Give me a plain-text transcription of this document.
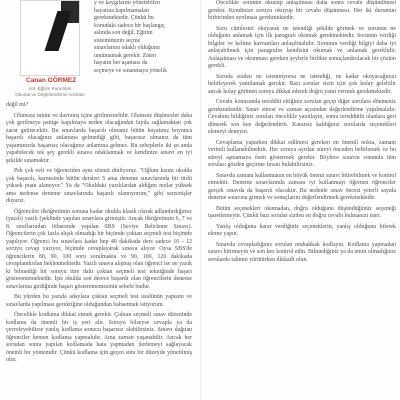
Canan GÖRMEZ
Anl. Eğitim Kurumları
Okuma ve Değerlendirme Uzmanı
y ve kaygılarını yönetebilen
hayatına kapılmamaları
gerekmektedir. Çünkü bu
konudaki sadece bir başlangıç
aslında son değil. Eğitim
sistemimizin seçme
sınavlarına odaklı olduğunu
unutmamak gerekir. Zaten
hayatın her aşaması da
seçmeye ve sınanmaya yönelik

değil mi?

Olumsuz tutum ve davranış içine girilmemelidir. Olumsuz düşünceler daha çok gerilmeye panige kapılmaya neden olacağından fayda sağlamaktan çok zarar getirecektir. Bu sınavlarda başarılı olmanız bütün hayatınız boyunca başarılı olacağınız anlamına gelmediği gibi, başarısız olmanız da tüm yaşamınızda başarısız olacağınız anlamına gelmez. Bu sebeplerle iki şu anda yapabilecek tek şey gerekli sınava odaklanmak ve kendinize sınavı en iyi şekilde sınamaktır.

Pek çok veli ve öğrenciden aynı sözmü dinliyoruz. "Oğlum kızım okulda çok başarılı, karnesinde bütün dersleri 5 ama deneme sınavlarında bir türlü yüksek puan alamıyor." Ya da "Okuldaki yazılılardan aldığım notlar yüksek ama nedense deneme sınavlarında başarılı olamıyorum," gibi serzenişler duyarız.

Öğrenciler ilköğretimin sonuna kadar okulda klasik olarak adlandırdığımız (yazılı) yazılı (şeklinde yapılan sınavlara girmiştir. Ancak ilköğretimin 6, 7 ve 8. sınıflarından itibarende yapılan SBS (Seviye Belirleme Sınavı). Öğrencilerin çok fazla alışık olmadığı bir biçimde çoktan seçmeli test biçimde yapılıyor. Öğrenci bu sınavlara kadar hep 40 dakikada ders sadece 10 - 12 soruyu cevap yazıyor, biçimde cevaplayarak sınava alıyor. Oysa SBS'de öğrencilerin 80, 90, 100 soru sorulmakta ve 90, 100, 120 dakikada cevaplandırılan beklenmektedir. Yazılı sınava alışmış olan öğrenci ise ne yazık ki bilmediği bir soruyu türe dahi çoktan seçmeli test tekniğinde başarı gösterememektedir. İşte okulda son derece başarılı olan öğrencilerin deneme sınavlarına girdiğinde başarı gösterememesinin sebebi budur.

Bu yüzden bu yazıda adaylara çoktan seçmeli test usulünün yapısını ve sınavlarda yapılması gerektiğine olduğundan bahsetmek istiyorum.

Öncelikle kodlama dikkat etmek gerekir. Çoktan seçmeli sınav düzeninde kodlama da önemli bir iş yeri alır. Soruyu bilseyse cevapla ya da çevreleyebilirse yanlış kodlama sonucu başarısız olabilirsiniz. Sınavı dağıtan öğrenciler hemen kodlama yapmalıdır. Ama zaman yaşanabilir. Ancak her sorudan sonra yapılan kodlamada hata yapmadan ilerlemeyi sağlayacak önemli bir yöntemdir. Çünkü kodlama için geçen süre bir düzeyde yönetilmiş olur.

Öncelikle sorunun okunup anlaşılması daha sonra cevabı düşünülmesi gerekir. Kendinize soruyu okuyup bir cevabı düşünmesi. Her iki durumun birbirinden ayrılması gerekmektedir.

Soru cümlesini okuyarak ne istendiği şekilde görmek ve sorunun ne olduğunu anlamak için ilk paragrafı okumak gerekmektedir. Sorunun verdiği bilgiler ve kelime kavramları anlaşılmalıdır. Sorunun verdiği bilgiyi daha iyi anlayabilmek için paragrafın kendisini okumak ve anlamak gereklidir. Anlaşılması ve okunması gereken şeylerle birlikte sonuçlandırılacak bir çözüm gerekli.

Soruda sizden ne istenmiyorsa ne istendiği, ne kadar okuyacağınızı belirleyerek yanıtlamak gerekir. Bazı sorular sizin için çok kolay gelebilir ancak kolay görünen soruya dikkat ederek doğru yanıt vermek gerekmektedir.

Cevabı konusunda tereddüt ettiğiniz sorulan geçip diğer sorulara dönmeniz gerekmektedir. Sınav süresi ve zaman açısından değerlendirme yapılmalıdır. Cevabını bildiğiniz soruları öncelikle yanıtlayın, sonra tereddütlü olanlara geri dönerek son kez değerlendirin. Kararsız kaldığınız sorularda seçenekleri elemeyi deneyin.

Cevaplama yaparken dikkat edilmesi gereken en önemli nokta, zamanı verimli kullanabilmektir. Her soruya ayrılan süreyi önceden belirlemek ve bu süreyi aşmamaya özen göstermek gerekir. Böylece sınavın sonunda tüm soruları gözden geçirme fırsatı bulabilirsiniz.

Sınavda zamanı kullanmanın en büyük önemi sınavı bitirebilmek ve kontrol etmektir. Deneme sınavlarında zamanı iyi kullanmayı öğrenen öğrenciler gerçek sınavda da başarılı olacaktır. Bu nedenle sınav öncesi yeterli sayıda deneme sınavına girmek ve sonuçlarını değerlendirmek gerekmektedir.

Bütün seçenekleri okumadan, doğru olduğunu düşündüğünüz seçeneği işaretlemeyin. Çünkü bazı sorular sizden en doğru cevabı bulmanızı ister.

Yanlış olduğuna karar verdiğiniz seçeneklerin, yanlış olduğunu bilerek eleme yapın.

Sınavda cevapladığınız sorulan muhakkak kodlayın. Kodlama yapmadan sınavı bitirmeyin ve son kez kontrol edin. Bilmediğiniz ya da emin olmadığınız sorularda tahmin yürütürken dikkatli olun.
